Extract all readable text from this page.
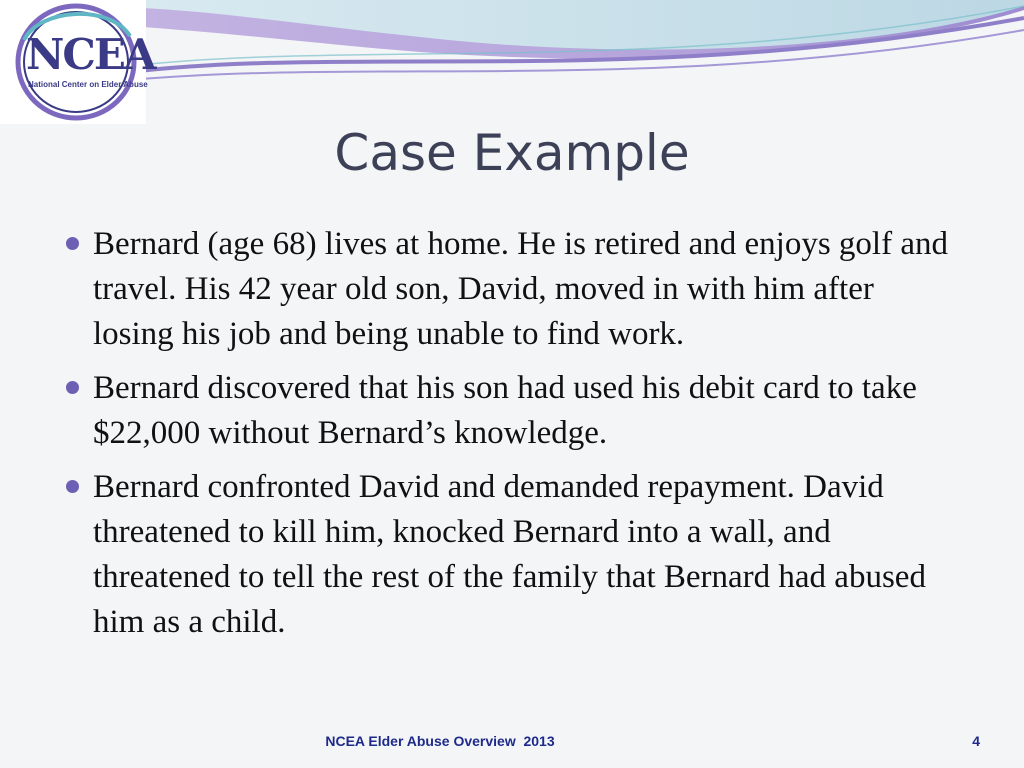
NCEA
National Center on Elder Abuse
Case Example
Bernard (age 68) lives at home. He is retired and enjoys golf and travel. His 42 year old son, David, moved in with him after losing his job and being unable to find work.
Bernard discovered that his son had used his debit card to take $22,000 without Bernard’s knowledge.
Bernard confronted David and demanded repayment. David threatened to kill him, knocked Bernard into a wall, and threatened to tell the rest of the family that Bernard had abused him as a child.
NCEA Elder Abuse Overview  2013	4
